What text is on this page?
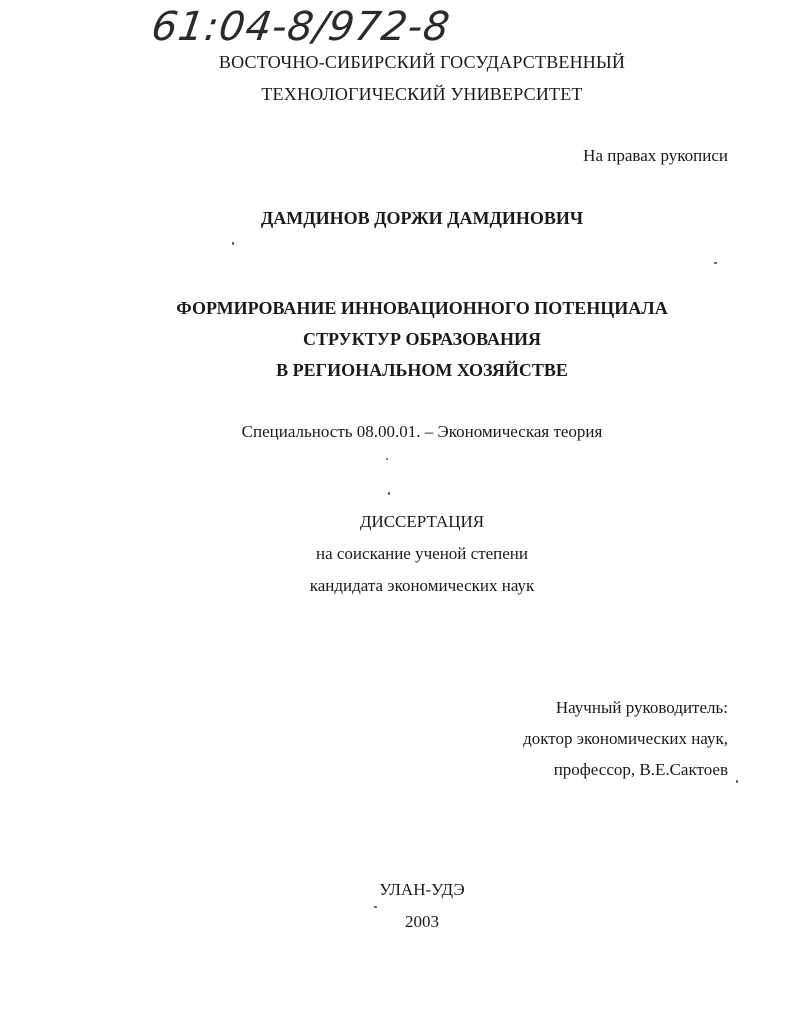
61:04-8/972-8
ВОСТОЧНО-СИБИРСКИЙ ГОСУДАРСТВЕННЫЙ
ТЕХНОЛОГИЧЕСКИЙ УНИВЕРСИТЕТ
На правах рукописи
ДАМДИНОВ ДОРЖИ ДАМДИНОВИЧ
ФОРМИРОВАНИЕ ИННОВАЦИОННОГО ПОТЕНЦИАЛА
СТРУКТУР ОБРАЗОВАНИЯ
В РЕГИОНАЛЬНОМ ХОЗЯЙСТВЕ
Специальность 08.00.01. – Экономическая теория
ДИССЕРТАЦИЯ
на соискание ученой степени
кандидата экономических наук
Научный руководитель:
доктор экономических наук,
профессор, В.Е.Сактоев
УЛАН-УДЭ
2003
